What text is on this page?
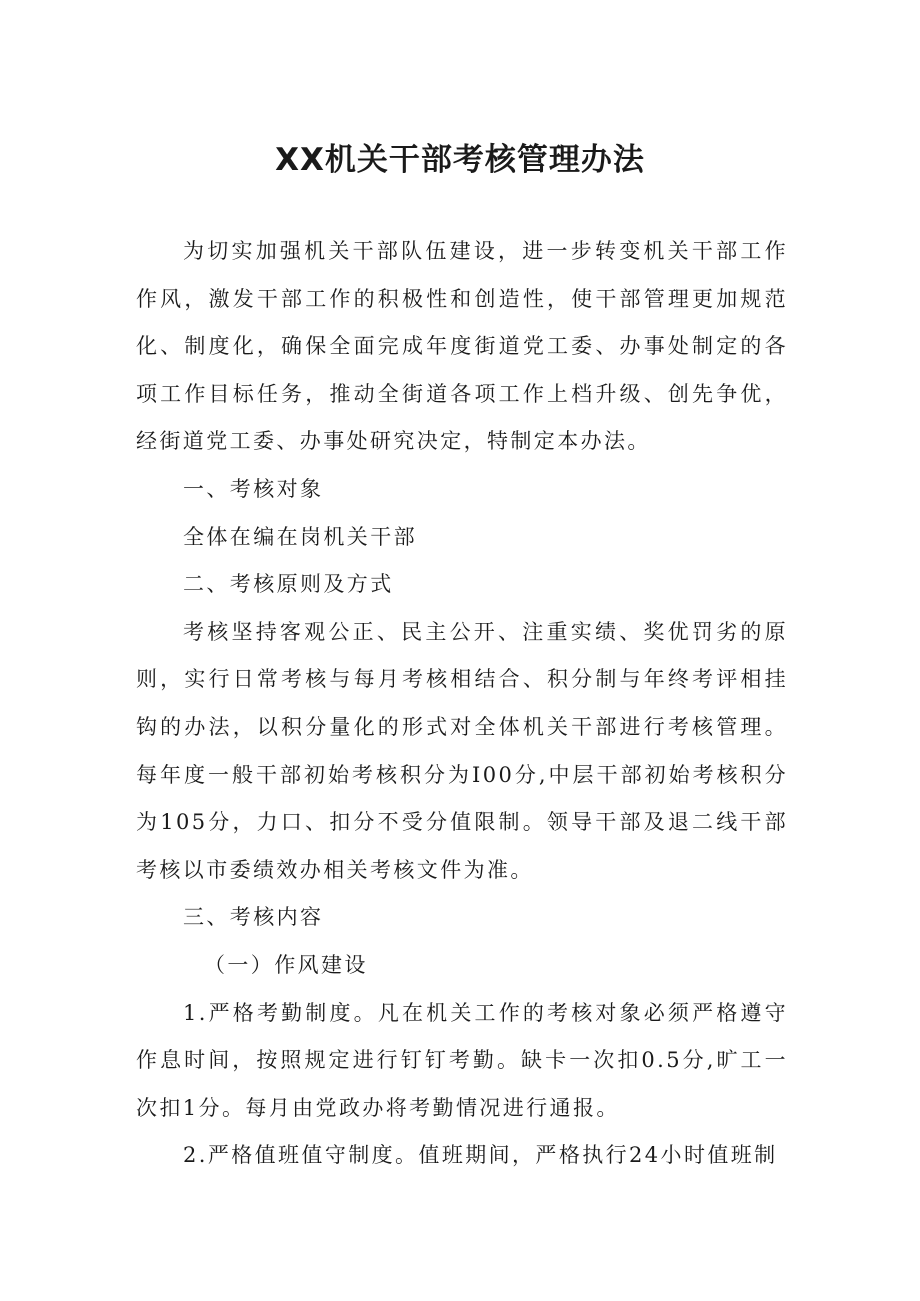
XX机关干部考核管理办法

为切实加强机关干部队伍建设，进一步转变机关干部工作作风，激发干部工作的积极性和创造性，使干部管理更加规范化、制度化，确保全面完成年度街道党工委、办事处制定的各项工作目标任务，推动全街道各项工作上档升级、创先争优，经街道党工委、办事处研究决定，特制定本办法。

一、考核对象

全体在编在岗机关干部

二、考核原则及方式

考核坚持客观公正、民主公开、注重实绩、奖优罚劣的原则，实行日常考核与每月考核相结合、积分制与年终考评相挂钩的办法，以积分量化的形式对全体机关干部进行考核管理。每年度一般干部初始考核积分为I00分,中层干部初始考核积分为105分，力口、扣分不受分值限制。领导干部及退二线干部考核以市委绩效办相关考核文件为准。

三、考核内容

（一）作风建设

1.严格考勤制度。凡在机关工作的考核对象必须严格遵守作息时间，按照规定进行钉钉考勤。缺卡一次扣0.5分,旷工一次扣1分。每月由党政办将考勤情况进行通报。

2.严格值班值守制度。值班期间，严格执行24小时值班制
